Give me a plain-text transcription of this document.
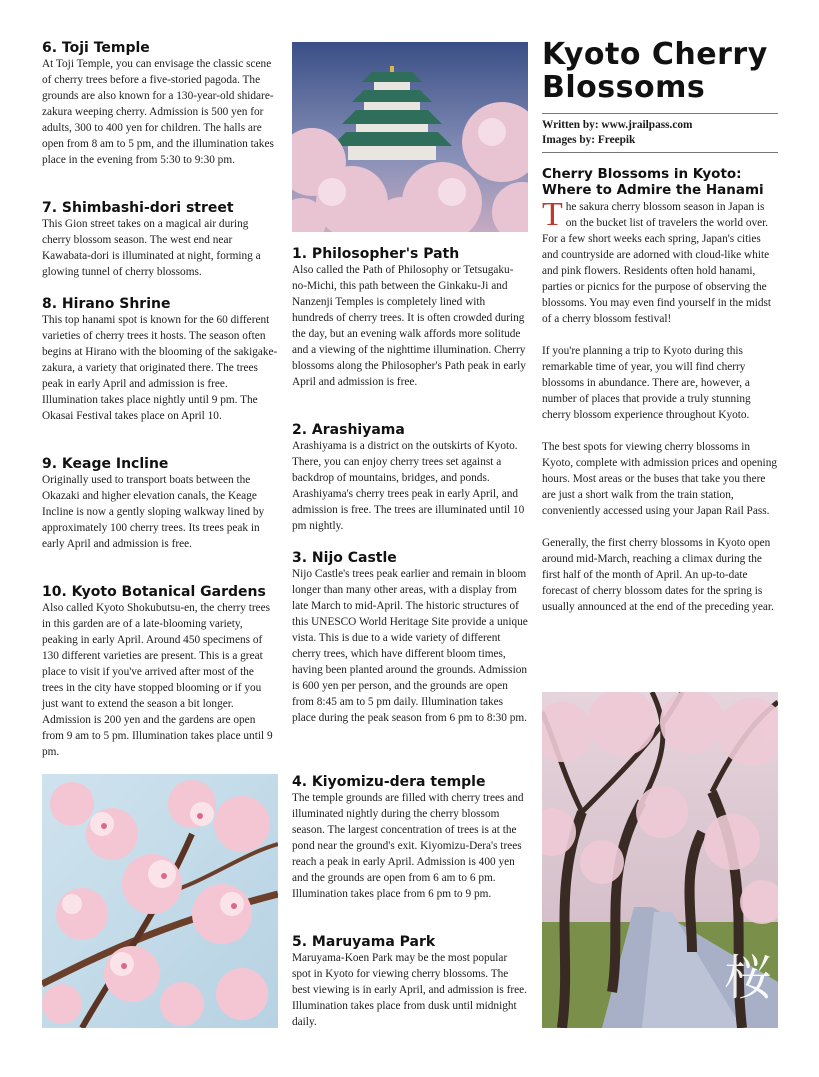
6. Toji Temple

At Toji Temple, you can envisage the classic scene of cherry trees before a five-storied pagoda. The grounds are also known for a 130-year-old shidare-zakura weeping cherry. Admission is 500 yen for adults, 300 to 400 yen for children. The halls are open from 8 am to 5 pm, and the illumination takes place in the evening from 5:30 to 9:30 pm.

7. Shimbashi-dori street

This Gion street takes on a magical air during cherry blossom season. The west end near Kawabata-dori is illuminated at night, forming a glowing tunnel of cherry blossoms.

8. Hirano Shrine

This top hanami spot is known for the 60 different varieties of cherry trees it hosts. The season often begins at Hirano with the blooming of the sakigake-zakura, a variety that originated there. The trees peak in early April and admission is free. Illumination takes place nightly until 9 pm. The Okasai Festival takes place on April 10.

9. Keage Incline

Originally used to transport boats between the Okazaki and higher elevation canals, the Keage Incline is now a gently sloping walkway lined by approximately 100 cherry trees. Its trees peak in early April and admission is free.

10. Kyoto Botanical Gardens

Also called Kyoto Shokubutsu-en, the cherry trees in this garden are of a late-blooming variety, peaking in early April. Around 450 specimens of 130 different varieties are present. This is a great place to visit if you've arrived after most of the trees in the city have stopped blooming or if you just want to extend the season a bit longer. Admission is 200 yen and the gardens are open from 9 am to 5 pm. Illumination takes place until 9 pm.

1. Philosopher's Path

Also called the Path of Philosophy or Tetsugaku-no-Michi, this path between the Ginkaku-Ji and Nanzenji Temples is completely lined with hundreds of cherry trees. It is often crowded during the day, but an evening walk affords more solitude and a viewing of the nighttime illumination. Cherry blossoms along the Philosopher's Path peak in early April and admission is free.

2. Arashiyama

Arashiyama is a district on the outskirts of Kyoto. There, you can enjoy cherry trees set against a backdrop of mountains, bridges, and ponds. Arashiyama's cherry trees peak in early April, and admission is free. The trees are illuminated until 10 pm nightly.

3. Nijo Castle

Nijo Castle's trees peak earlier and remain in bloom longer than many other areas, with a display from late March to mid-April. The historic structures of this UNESCO World Heritage Site provide a unique vista. This is due to a wide variety of different cherry trees, which have different bloom times, having been planted around the grounds. Admission is 600 yen per person, and the grounds are open from 8:45 am to 5 pm daily. Illumination takes place during the peak season from 6 pm to 8:30 pm.

4. Kiyomizu-dera temple

The temple grounds are filled with cherry trees and illuminated nightly during the cherry blossom season. The largest concentration of trees is at the pond near the ground's exit. Kiyomizu-Dera's trees reach a peak in early April. Admission is 400 yen and the grounds are open from 6 am to 6 pm. Illumination takes place from 6 pm to 9 pm.

5. Maruyama Park

Maruyama-Koen Park may be the most popular spot in Kyoto for viewing cherry blossoms. The best viewing is in early April, and admission is free. Illumination takes place from dusk until midnight daily.

Kyoto Cherry
Blossoms
Written by: www.jrailpass.com
Images by: Freepik
Cherry Blossoms in Kyoto:
Where to Admire the Hanami

The sakura cherry blossom season in Japan is on the bucket list of travelers the world over. For a few short weeks each spring, Japan's cities and countryside are adorned with cloud-like white and pink flowers. Residents often hold hanami, parties or picnics for the purpose of observing the blossoms. You may even find yourself in the midst of a cherry blossom festival!

If you're planning a trip to Kyoto during this remarkable time of year, you will find cherry blossoms in abundance. There are, however, a number of places that provide a truly stunning cherry blossom experience throughout Kyoto.

The best spots for viewing cherry blossoms in Kyoto, complete with admission prices and opening hours. Most areas or the buses that take you there are just a short walk from the train station, conveniently accessed using your Japan Rail Pass.

Generally, the first cherry blossoms in Kyoto open around mid-March, reaching a climax during the first half of the month of April. An up-to-date forecast of cherry blossom dates for the spring is usually announced at the end of the preceding year.

桜
